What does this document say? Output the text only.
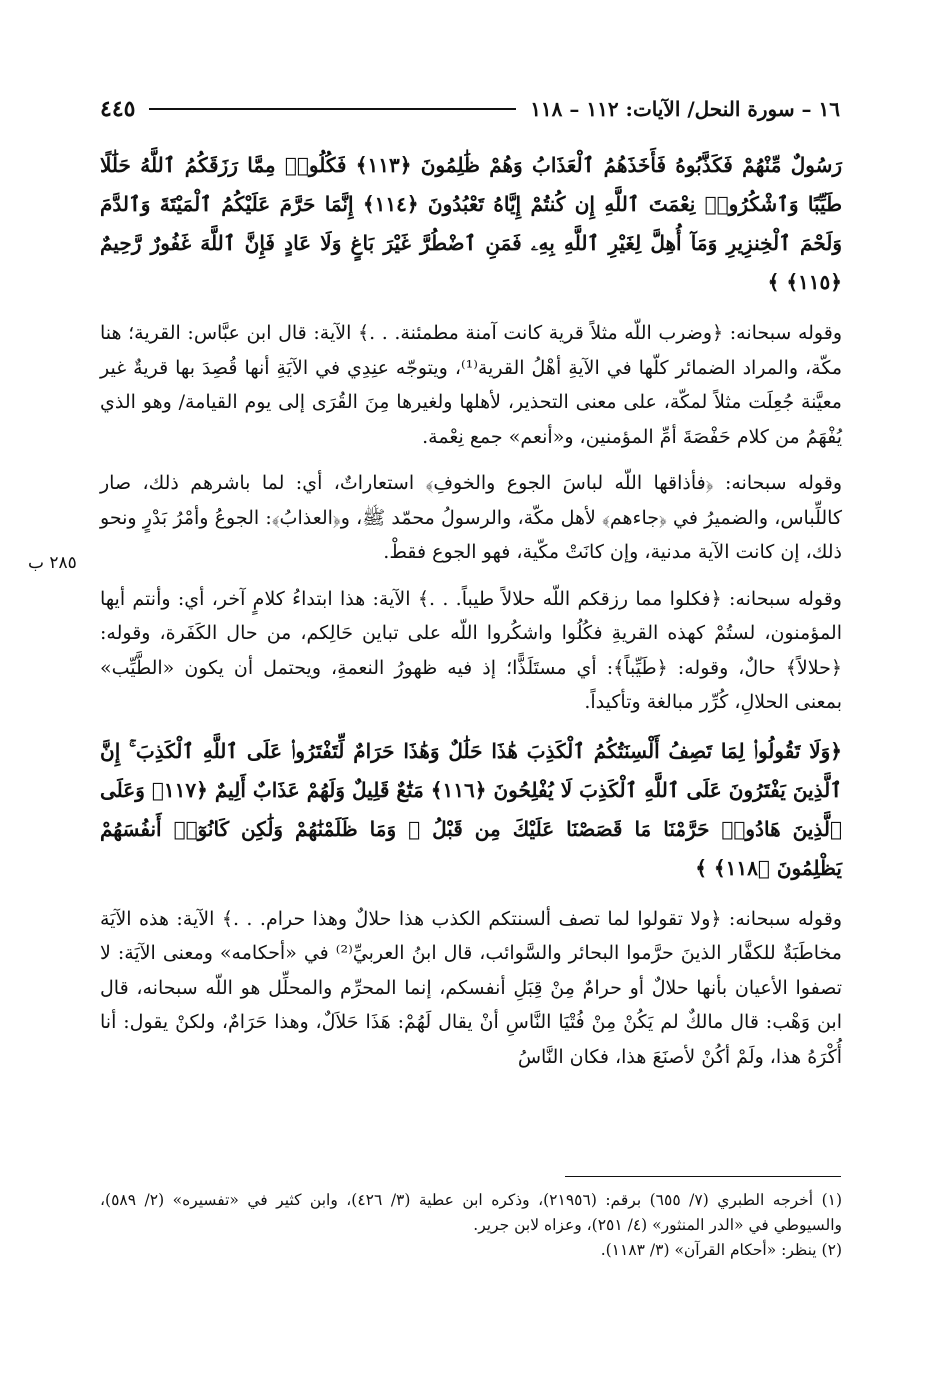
١٦ – سورة النحل/ الآيات: ١١٢ – ١١٨
٤٤٥
٢٨٥ ب

رَسُولٌ مِّنْهُمْ فَكَذَّبُوهُ فَأَخَذَهُمُ ٱلْعَذَابُ وَهُمْ ظَٰلِمُونَ ﴿١١٣﴾ فَكُلُوا۟ مِمَّا رَزَقَكُمُ ٱللَّهُ حَلَٰلًا طَيِّبًا وَٱشْكُرُوا۟ نِعْمَتَ ٱللَّهِ إِن كُنتُمْ إِيَّاهُ تَعْبُدُونَ ﴿١١٤﴾ إِنَّمَا حَرَّمَ عَلَيْكُمُ ٱلْمَيْتَةَ وَٱلدَّمَ وَلَحْمَ ٱلْخِنزِيرِ وَمَآ أُهِلَّ لِغَيْرِ ٱللَّهِ بِهِۦ فَمَنِ ٱضْطُرَّ غَيْرَ بَاغٍ وَلَا عَادٍ فَإِنَّ ٱللَّهَ غَفُورٌ رَّحِيمٌ ﴿١١٥﴾ ﴾

وقوله سبحانه: ﴿وضرب اللّه مثلاً قرية كانت آمنة مطمئنة. . .﴾ الآية: قال ابن عبَّاس: القرية؛ هنا مكّة، والمراد الضمائر كلّها في الآيةِ أهْلُ القرية⁽¹⁾، ويتوجّه عنِدِي في الآيَةِ أنها قُصِدَ بها قريةٌ غير معيَّنة جُعِلَت مثلاً لمكّة، على معنى التحذير، لأهلها ولغيرها مِنَ القُرَى إلى يوم القيامة/ وهو الذي يُفْهَمُ من كلام حَفْصَةَ أمِّ المؤمنين، و«أنعم» جمع نِعْمة.

وقوله سبحانه: ﴿فأذاقها اللّه لباسَ الجوع والخوفِ﴾ استعاراتٌ، أي: لما باشرهم ذلك، صار كاللِّباس، والضميرُ في ﴿جاءهم﴾ لأهل مكّة، والرسولُ محمّد ﷺ، و﴿العذابُ﴾: الجوعُ وأمْرُ بَدْرٍ ونحو ذلك، إن كانت الآية مدنية، وإن كانَتْ مكّية، فهو الجوع فقطْ.

وقوله سبحانه: ﴿فكلوا مما رزقكم اللّه حلالاً طيباً. . .﴾ الآية: هذا ابتداءُ كلامٍ آخر، أي: وأنتم أيها المؤمنون، لستُمْ كهذه القريةِ فكُلُوا واشكُروا اللّه على تباين حَالِكم، من حال الكَفَرة، وقوله: ﴿حلالاً﴾ حالٌ، وقوله: ﴿طَيِّباً﴾: أي مستَلَذًّا؛ إذ فيه ظهورُ النعمةِ، ويحتمل أن يكون «الطَّيِّب» بمعنى الحلالِ، كُرِّر مبالغة وتأكيداً.

﴿وَلَا تَقُولُوا۟ لِمَا تَصِفُ أَلْسِنَتُكُمُ ٱلْكَذِبَ هَٰذَا حَلَٰلٌ وَهَٰذَا حَرَامٌ لِّتَفْتَرُوا۟ عَلَى ٱللَّهِ ٱلْكَذِبَ ۚ إِنَّ ٱلَّذِينَ يَفْتَرُونَ عَلَى ٱللَّهِ ٱلْكَذِبَ لَا يُفْلِحُونَ ﴿١١٦﴾ مَتَٰعٌ قَلِيلٌ وَلَهُمْ عَذَابٌ أَلِيمٌ ﴿١١٧﴾ وَعَلَى ٱلَّذِينَ هَادُوا۟ حَرَّمْنَا مَا قَصَصْنَا عَلَيْكَ مِن قَبْلُ ۖ وَمَا ظَلَمْنَٰهُمْ وَلَٰكِن كَانُوٓا۟ أَنفُسَهُمْ يَظْلِمُونَ ﴿١١٨﴾ ﴾

وقوله سبحانه: ﴿ولا تقولوا لما تصف ألسنتكم الكذب هذا حلالٌ وهذا حرام. . .﴾ الآية: هذه الآيَة مخاطَبَةٌ للكفَّار الذينَ حرَّموا البحائر والسَّوائب، قال ابنُ العربيِّ⁽²⁾ في «أحكامه» ومعنى الآيَة: لا تصفوا الأعيان بأنها حلالٌ أو حرامٌ مِنْ قِبَلِ أنفسكم، إنما المحرِّم والمحلِّل هو اللّه سبحانه، قال ابن وَهْب: قال مالكٌ لم يَكُنْ مِنْ فُتْيَا النَّاسِ أنْ يقال لَهُمْ: هَذَا حَلاَلٌ، وهذا حَرَامٌ، ولكنْ يقول: أنا أُكْرَهُ هذا، ولَمْ أكُنْ لأصنَعَ هذا، فكان النَّاسُ

(١) أخرجه الطبري (٧/ ٦٥٥) برقم: (٢١٩٥٦)، وذكره ابن عطية (٣/ ٤٢٦)، وابن كثير في «تفسيره» (٢/ ٥٨٩)، والسيوطي في «الدر المنثور» (٤/ ٢٥١)، وعزاه لابن جرير.

(٢) ينظر: «أحكام القرآن» (٣/ ١١٨٣).
